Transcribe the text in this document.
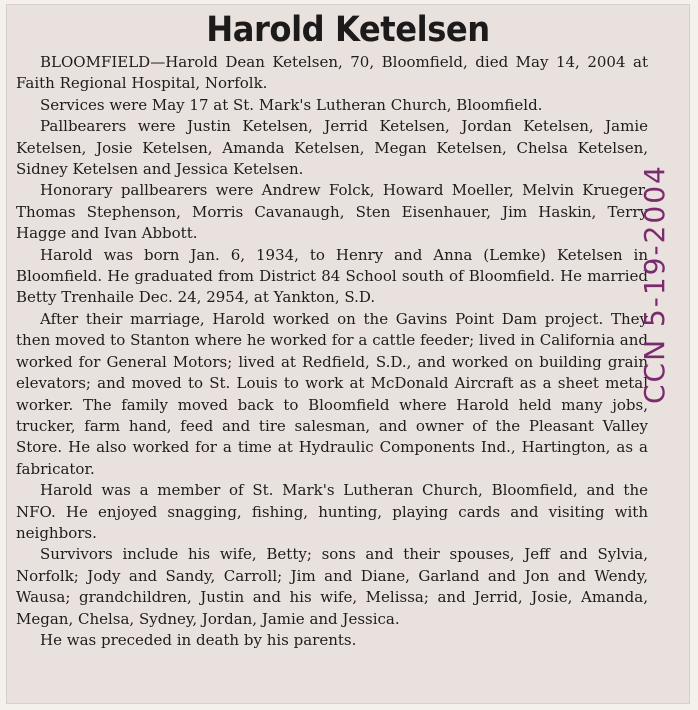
Harold Ketelsen

BLOOMFIELD—Harold Dean Ketelsen, 70, Bloomfield, died May 14, 2004 at Faith Regional Hospital, Norfolk.

Services were May 17 at St. Mark's Lutheran Church, Bloomfield.

Pallbearers were Justin Ketelsen, Jerrid Ketelsen, Jordan Ketelsen, Jamie Ketelsen, Josie Ketelsen, Amanda Ketelsen, Megan Ketelsen, Chelsa Ketelsen, Sidney Ketelsen and Jessica Ketelsen.

Honorary pallbearers were Andrew Folck, Howard Moeller, Melvin Krueger, Thomas Stephenson, Morris Cavanaugh, Sten Eisenhauer, Jim Haskin, Terry Hagge and Ivan Abbott.

Harold was born Jan. 6, 1934, to Henry and Anna (Lemke) Ketelsen in Bloomfield. He graduated from District 84 School south of Bloomfield. He married Betty Trenhaile Dec. 24, 2954, at Yankton, S.D.

After their marriage, Harold worked on the Gavins Point Dam project. They then moved to Stanton where he worked for a cattle feeder; lived in California and worked for General Motors; lived at Redfield, S.D., and worked on building grain elevators; and moved to St. Louis to work at McDonald Aircraft as a sheet metal worker. The family moved back to Bloomfield where Harold held many jobs, trucker, farm hand, feed and tire salesman, and owner of the Pleasant Valley Store. He also worked for a time at Hydraulic Components Ind., Hartington, as a fabricator.

Harold was a member of St. Mark's Lutheran Church, Bloomfield, and the NFO. He enjoyed snagging, fishing, hunting, playing cards and visiting with neighbors.

Survivors include his wife, Betty; sons and their spouses, Jeff and Sylvia, Norfolk; Jody and Sandy, Carroll; Jim and Diane, Garland and Jon and Wendy, Wausa; grandchildren, Justin and his wife, Melissa; and Jerrid, Josie, Amanda, Megan, Chelsa, Sydney, Jordan, Jamie and Jessica.

He was preceded in death by his parents.

CCN 5-19-2004
